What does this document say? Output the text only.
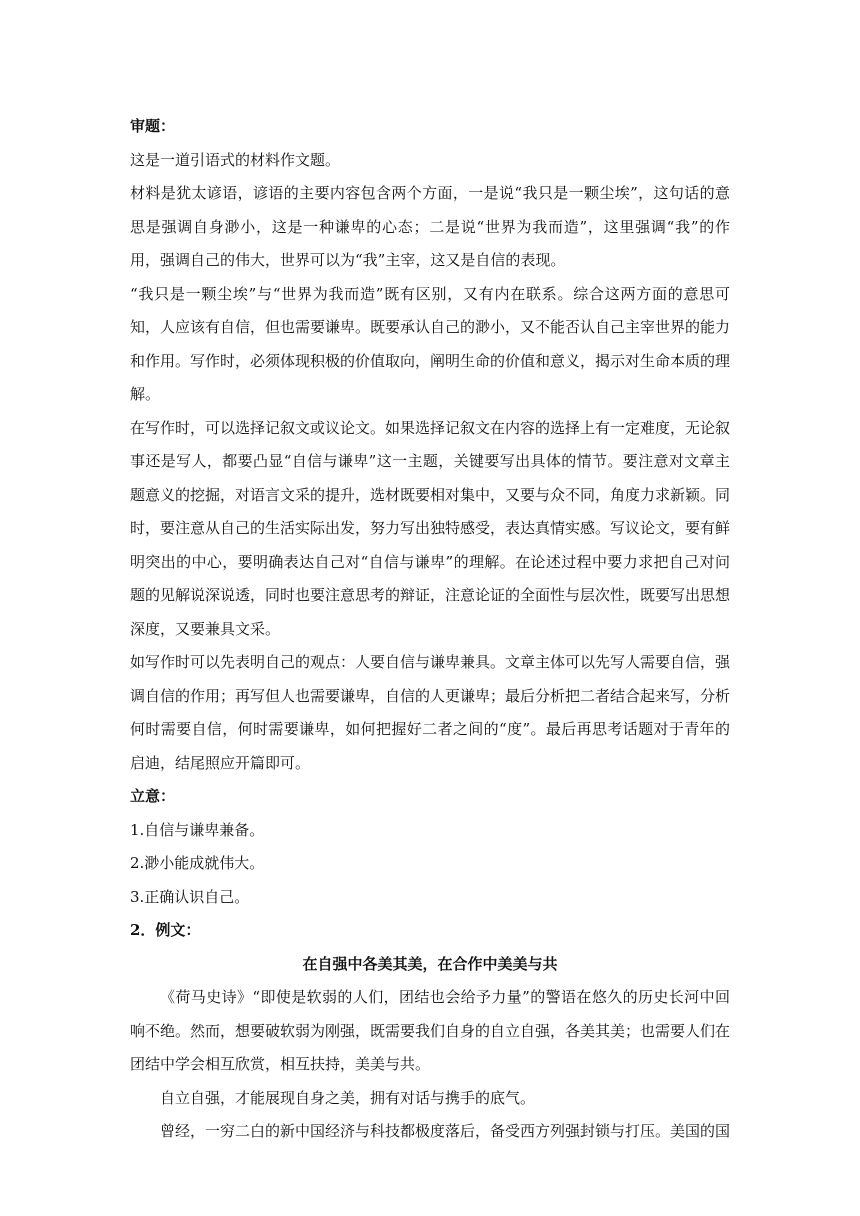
审题：

这是一道引语式的材料作文题。

材料是犹太谚语，谚语的主要内容包含两个方面，一是说“我只是一颗尘埃”，这句话的意思是强调自身渺小，这是一种谦卑的心态；二是说“世界为我而造”，这里强调“我”的作用，强调自己的伟大，世界可以为“我”主宰，这又是自信的表现。

“我只是一颗尘埃”与“世界为我而造”既有区别，又有内在联系。综合这两方面的意思可知，人应该有自信，但也需要谦卑。既要承认自己的渺小，又不能否认自己主宰世界的能力和作用。写作时，必须体现积极的价值取向，阐明生命的价值和意义，揭示对生命本质的理解。

在写作时，可以选择记叙文或议论文。如果选择记叙文在内容的选择上有一定难度，无论叙事还是写人，都要凸显“自信与谦卑”这一主题，关键要写出具体的情节。要注意对文章主题意义的挖掘，对语言文采的提升，选材既要相对集中，又要与众不同，角度力求新颖。同时，要注意从自己的生活实际出发，努力写出独特感受，表达真情实感。写议论文，要有鲜明突出的中心，要明确表达自己对“自信与谦卑”的理解。在论述过程中要力求把自己对问题的见解说深说透，同时也要注意思考的辩证，注意论证的全面性与层次性，既要写出思想深度，又要兼具文采。

如写作时可以先表明自己的观点：人要自信与谦卑兼具。文章主体可以先写人需要自信，强调自信的作用；再写但人也需要谦卑，自信的人更谦卑；最后分析把二者结合起来写，分析何时需要自信，何时需要谦卑，如何把握好二者之间的“度”。最后再思考话题对于青年的启迪，结尾照应开篇即可。

立意：

1.自信与谦卑兼备。

2.渺小能成就伟大。

3.正确认识自己。

2．例文：

在自强中各美其美，在合作中美美与共

《荷马史诗》“即使是软弱的人们，团结也会给予力量”的警语在悠久的历史长河中回响不绝。然而，想要破软弱为刚强，既需要我们自身的自立自强，各美其美；也需要人们在团结中学会相互欣赏，相互扶持，美美与共。

自立自强，才能展现自身之美，拥有对话与携手的底气。

曾经，一穷二白的新中国经济与科技都极度落后，备受西方列强封锁与打压。美国的国
